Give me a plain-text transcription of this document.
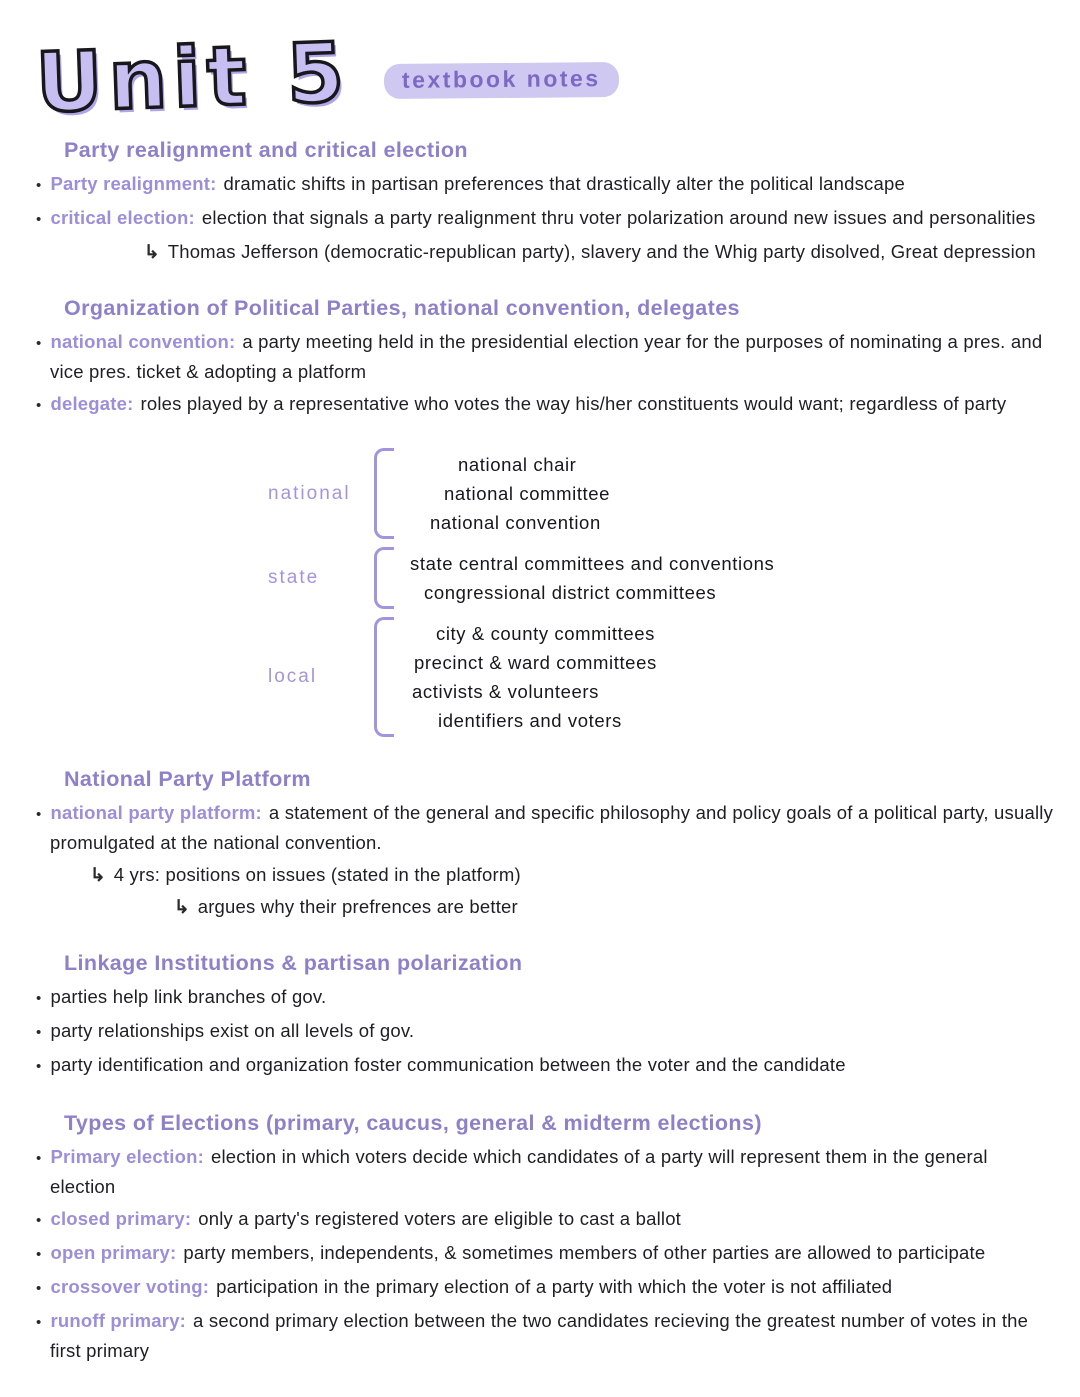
Unit 5	textbook notes
Party realignment and critical election
• Party realignment: dramatic shifts in partisan preferences that drastically alter the political landscape
• critical election: election that signals a party realignment thru voter polarization around new issues and personalities
↳ Thomas Jefferson (democratic-republican party), slavery and the Whig party disolved, Great depression
Organization of Political Parties, national convention, delegates
• national convention: a party meeting held in the presidential election year for the purposes of nominating a pres. and vice pres. ticket & adopting a platform
• delegate: roles played by a representative who votes the way his/her constituents would want; regardless of party
national
national chair
national committee
national convention
state
state central committees and conventions
congressional district committees
local
city & county committees
precinct & ward committees
activists & volunteers
identifiers and voters
National Party Platform
• national party platform: a statement of the general and specific philosophy and policy goals of a political party, usually promulgated at the national convention.
↳ 4 yrs: positions on issues (stated in the platform)
↳ argues why their prefrences are better
Linkage Institutions & partisan polarization
• parties help link branches of gov.
• party relationships exist on all levels of gov.
• party identification and organization foster communication between the voter and the candidate
Types of Elections (primary, caucus, general & midterm elections)
• Primary election: election in which voters decide which candidates of a party will represent them in the general election
• closed primary: only a party's registered voters are eligible to cast a ballot
• open primary: party members, independents, & sometimes members of other parties are allowed to participate
• crossover voting: participation in the primary election of a party with which the voter is not affiliated
• runoff primary: a second primary election between the two candidates recieving the greatest number of votes in the first primary
